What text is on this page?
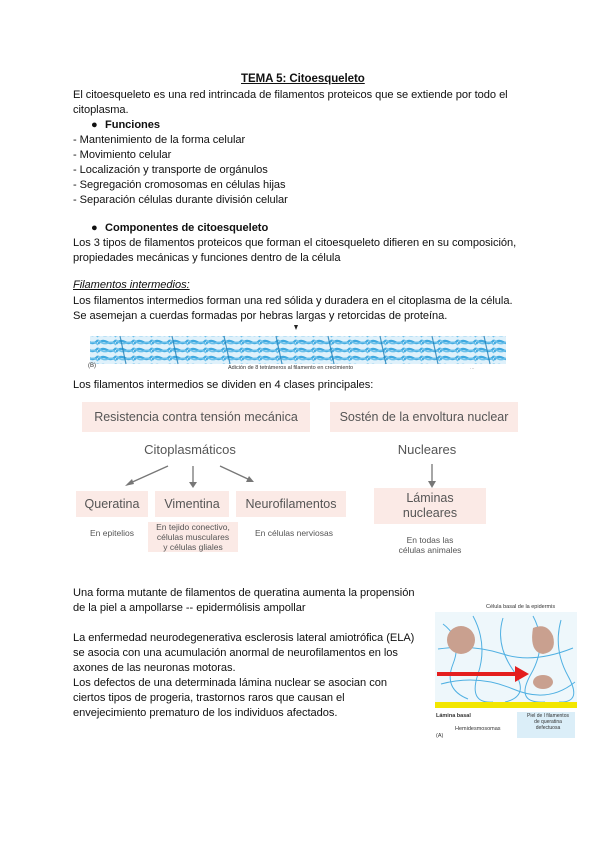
TEMA 5: Citoesqueleto
El citoesqueleto es una red intrincada de filamentos proteicos que se extiende por todo el
citoplasma.
● Funciones
- Mantenimiento de la forma celular
- Movimiento celular
- Localización y transporte de orgánulos
- Segregación cromosomas en células hijas
- Separación células durante división celular
● Componentes de citoesqueleto
Los 3 tipos de filamentos proteicos que forman el citoesqueleto difieren en su composición,
propiedades mecánicas y funciones dentro de la célula
Filamentos intermedios:
Los filamentos intermedios forman una red sólida y duradera en el citoplasma de la célula.
Se asemejan a cuerdas formadas por hebras largas y retorcidas de proteína.
(B)	Adición de 8 tetrámeros al filamento en crecimiento	...
Los filamentos intermedios se dividen en 4 clases principales:
Resistencia contra tensión mecánica	Sostén de la envoltura nuclear
Citoplasmáticos	Nucleares
Queratina	Vimentina	Neurofilamentos	Láminas
nucleares
En epitelios
En tejido conectivo,
células musculares
y células gliales
En células nerviosas
En todas las
células animales
Una forma mutante de filamentos de queratina aumenta la propensión
de la piel a ampollarse -- epidermólisis ampollar
La enfermedad neurodegenerativa esclerosis lateral amiotrófica (ELA)
se asocia con una acumulación anormal de neurofilamentos en los
axones de las neuronas motoras.
Los defectos de una determinada lámina nuclear se asocian con
ciertos tipos de progeria, trastornos raros que causan el
envejecimiento prematuro de los individuos afectados.
Célula basal de la epidermis
Lámina basal
Hemidesmosomas
Piel de l filamentos
de queratina
defectuosa
(A)
